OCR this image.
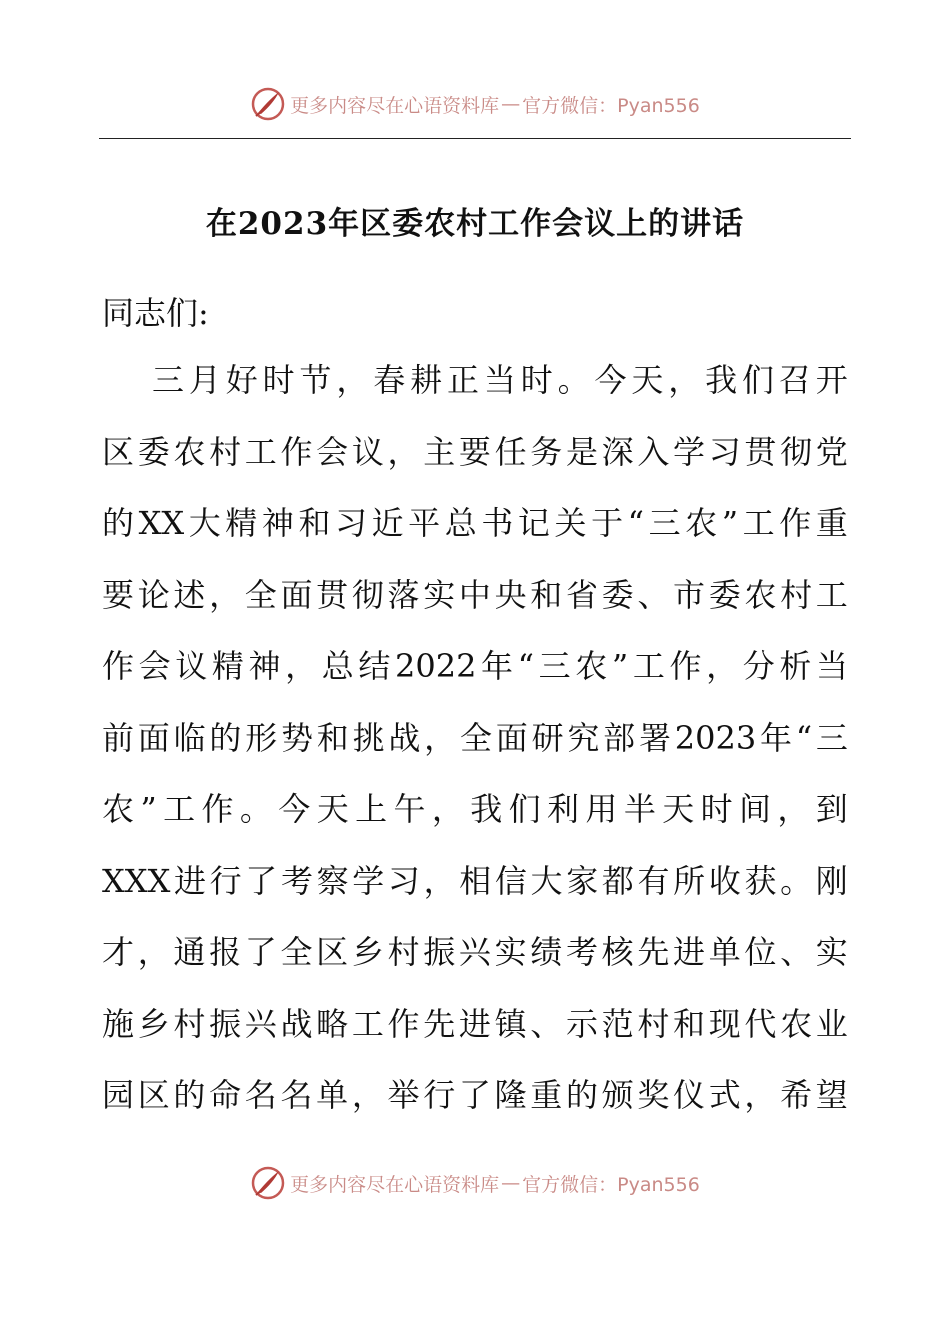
更多内容尽在心语资料库 — 官方微信：Pyan556
在2023年区委农村工作会议上的讲话
同志们:
三 月 好 时 节 ， 春 耕 正 当 时 。 今 天 ， 我 们 召 开
区 委 农 村 工 作 会 议 ， 主 要 任 务 是 深 入 学 习 贯 彻 党
的 XX 大 精 神 和 习 近 平 总 书 记 关 于 “ 三 农 ” 工 作 重
要 论 述 ， 全 面 贯 彻 落 实 中 央 和 省 委 、 市 委 农 村 工
作 会 议 精 神 ， 总 结 2022 年 “ 三 农 ” 工 作 ， 分 析 当
前 面 临 的 形 势 和 挑 战 ， 全 面 研 究 部 署 2023 年 “ 三
农 ” 工 作 。 今 天 上 午 ， 我 们 利 用 半 天 时 间 ， 到
XXX 进 行 了 考 察 学 习 ， 相 信 大 家 都 有 所 收 获 。 刚
才 ， 通 报 了 全 区 乡 村 振 兴 实 绩 考 核 先 进 单 位 、 实
施 乡 村 振 兴 战 略 工 作 先 进 镇 、 示 范 村 和 现 代 农 业
园 区 的 命 名 名 单 ， 举 行 了 隆 重 的 颁 奖 仪 式 ， 希 望
更多内容尽在心语资料库 — 官方微信：Pyan556
